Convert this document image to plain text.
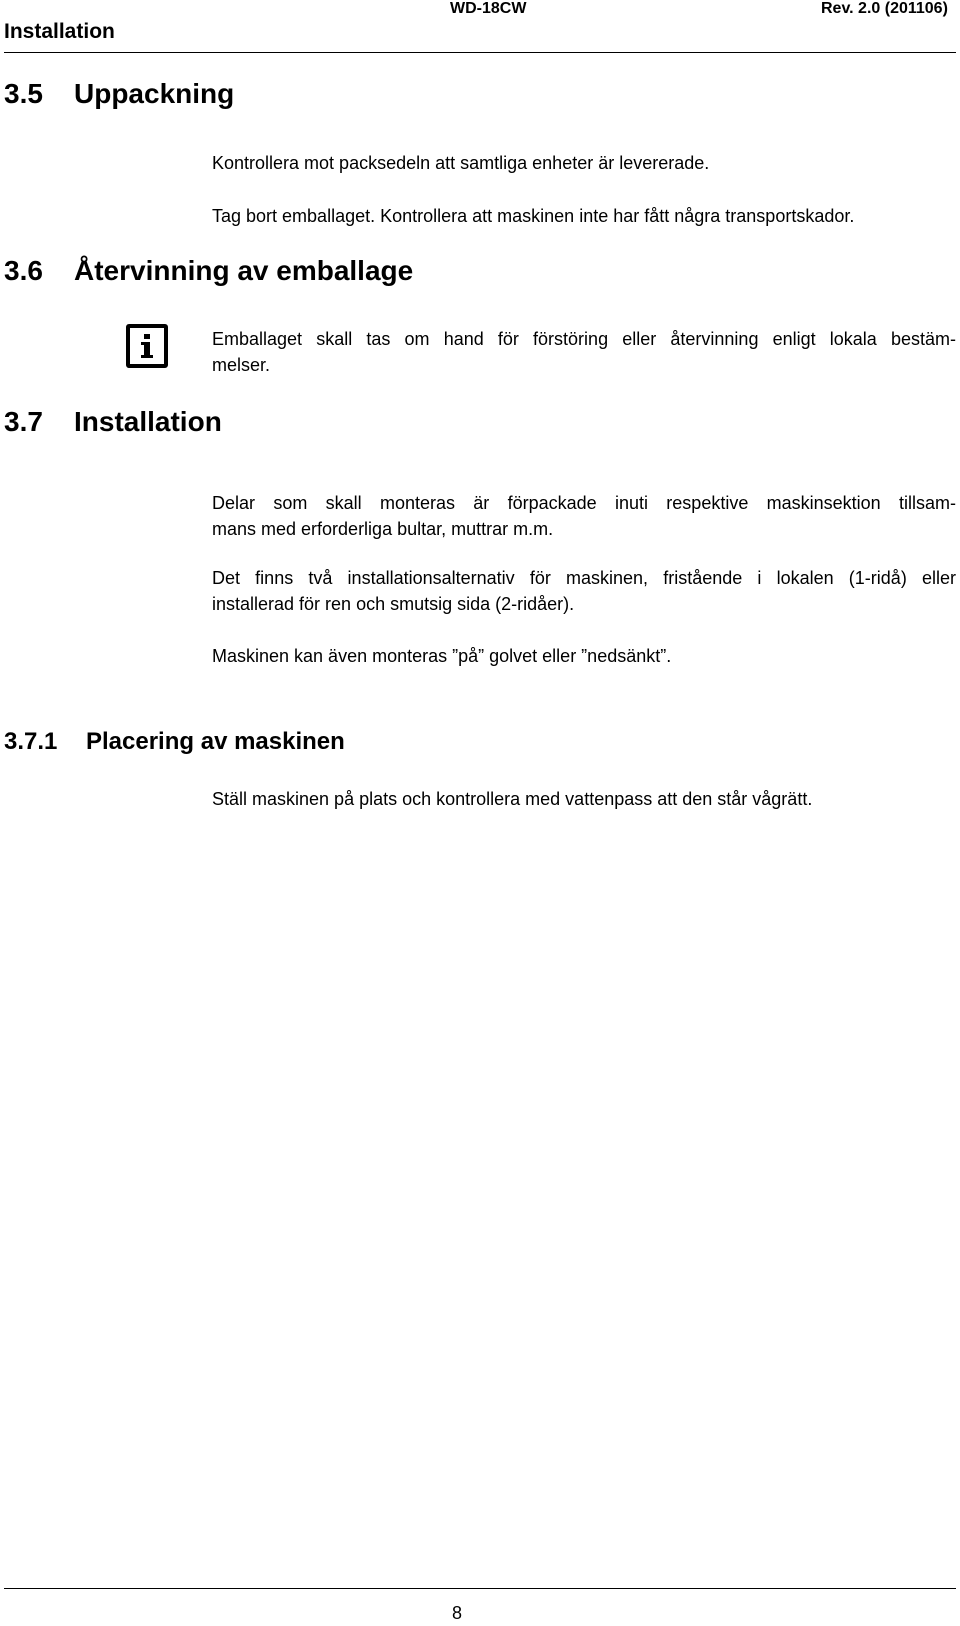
Installation
WD-18CW	Rev. 2.0 (201106)
3.5 Uppackning
Kontrollera mot packsedeln att samtliga enheter är levererade.
Tag bort emballaget. Kontrollera att maskinen inte har fått några transportskador.
3.6 Återvinning av emballage
Emballaget skall tas om hand för förstöring eller återvinning enligt lokala bestäm-
melser.
3.7 Installation
Delar som skall monteras är förpackade inuti respektive maskinsektion tillsam-
mans med erforderliga bultar, muttrar m.m.
Det finns två installationsalternativ för maskinen, fristående i lokalen (1-ridå) eller
installerad för ren och smutsig sida (2-ridåer).
Maskinen kan även monteras ”på” golvet eller ”nedsänkt”.
3.7.1 Placering av maskinen
Ställ maskinen på plats och kontrollera med vattenpass att den står vågrätt.
8
